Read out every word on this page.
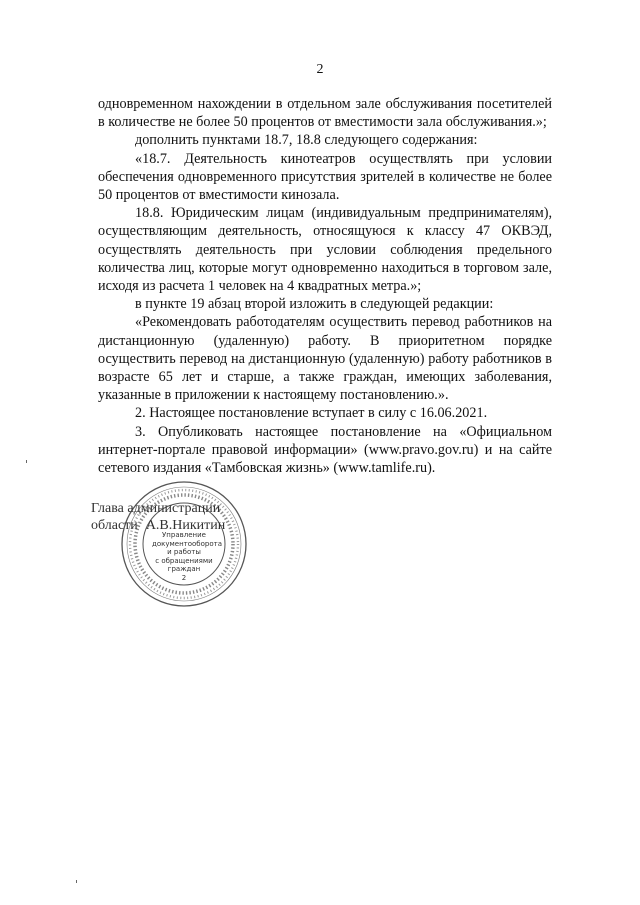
2

одновременном нахождении в отдельном зале обслуживания посетителей в количестве не более 50 процентов от вместимости зала обслуживания.»;

дополнить пунктами 18.7, 18.8 следующего содержания:

«18.7. Деятельность кинотеатров осуществлять при условии обеспечения одновременного присутствия зрителей в количестве не более 50 процентов от вместимости кинозала.

18.8. Юридическим лицам (индивидуальным предпринимателям), осуществляющим деятельность, относящуюся к классу 47 ОКВЭД, осуществлять деятельность при условии соблюдения предельного количества лиц, которые могут одновременно находиться в торговом зале, исходя из расчета 1 человек на 4 квадратных метра.»;

в пункте 19 абзац второй изложить в следующей редакции:

«Рекомендовать работодателям осуществить перевод работников на дистанционную (удаленную) работу. В приоритетном порядке осуществить перевод на дистанционную (удаленную) работу работников в возрасте 65 лет и старше, а также граждан, имеющих заболевания, указанные в приложении к настоящему постановлению.».

2. Настоящее постановление вступает в силу с 16.06.2021.

3. Опубликовать настоящее постановление на «Официальном интернет-портале правовой информации» (www.pravo.gov.ru) и на сайте сетевого издания «Тамбовская жизнь» (www.tamlife.ru).

Управление
документооборота
и работы
с обращениями
граждан
2
Глава администрации
области А.В.Никитин
